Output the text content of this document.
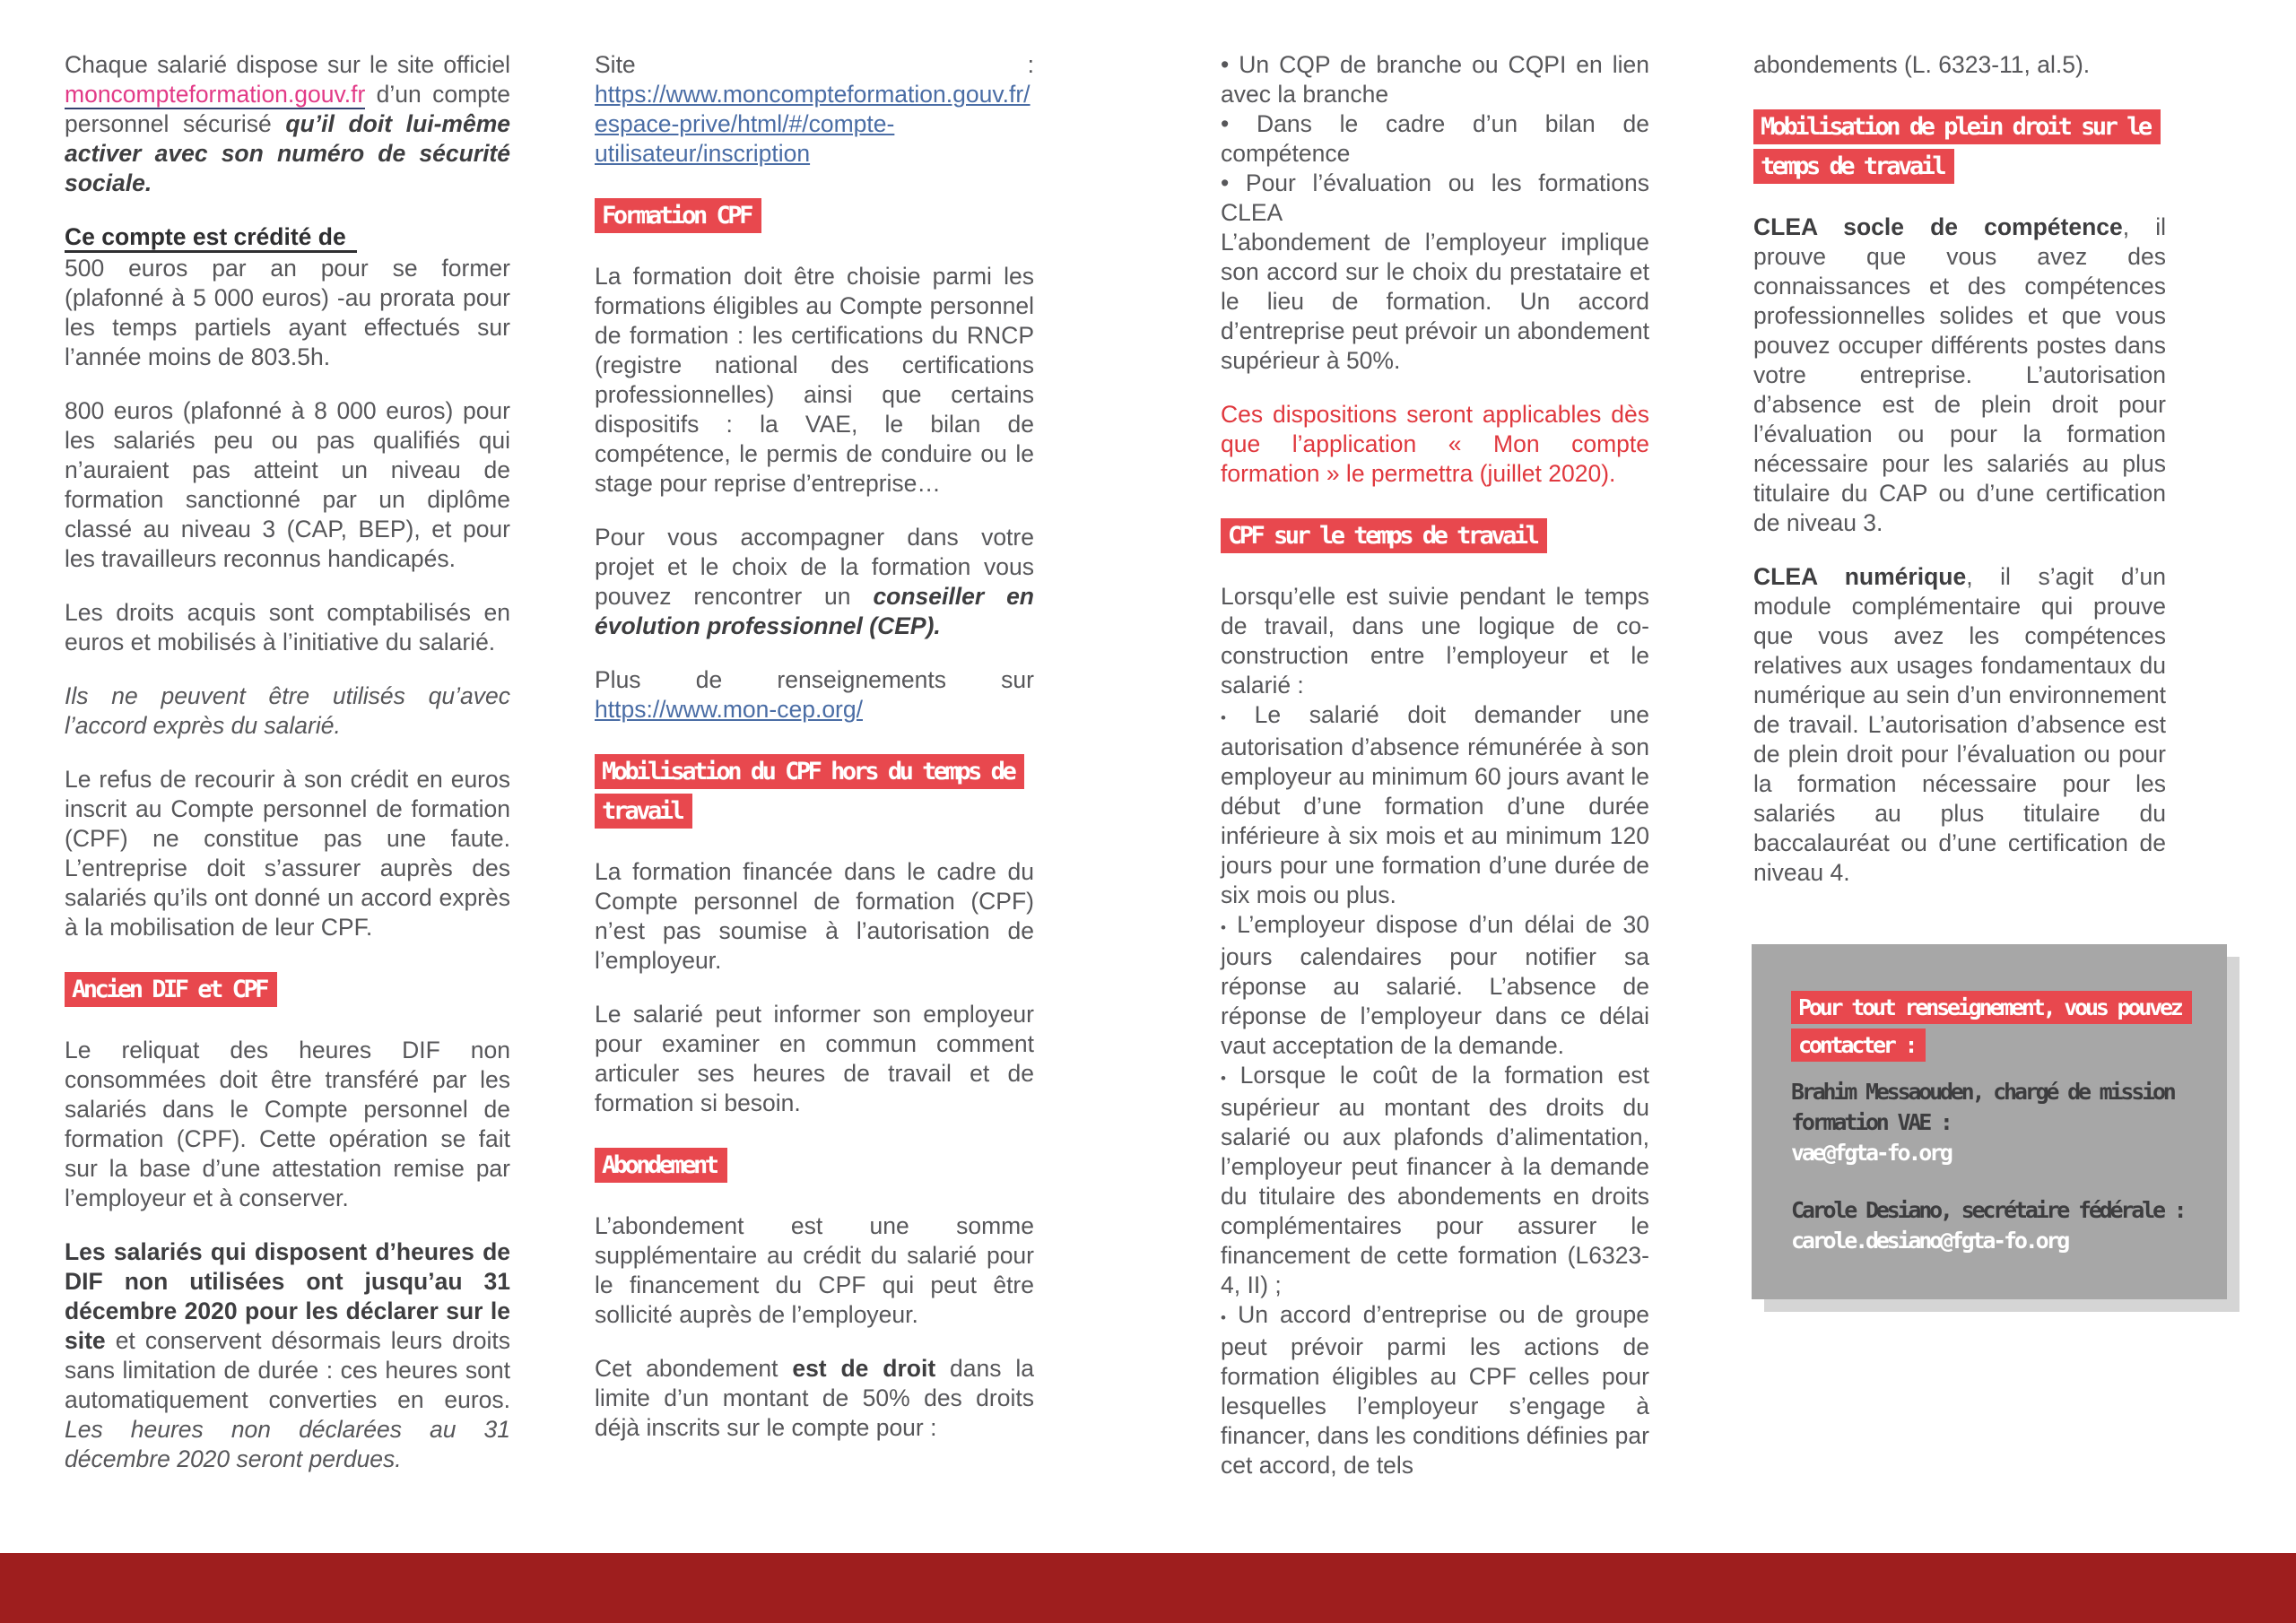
Chaque salarié dispose sur le site officiel moncompteformation.gouv.fr d’un compte personnel sécurisé qu’il doit lui-même activer avec son numéro de sécurité sociale.

Ce compte est crédité de

500 euros par an pour se former (plafonné à 5 000 euros) -au prorata pour les temps partiels ayant effectués sur l’année moins de 803.5h.

800 euros (plafonné à 8 000 euros) pour les salariés peu ou pas qualifiés qui n’auraient pas atteint un niveau de formation sanctionné par un diplôme classé au niveau 3 (CAP, BEP), et pour les travailleurs reconnus handicapés.

Les droits acquis sont comptabilisés en euros et mobilisés à l’initiative du salarié.

Ils ne peuvent être utilisés qu’avec l’accord exprès du salarié.

Le refus de recourir à son crédit en euros inscrit au Compte personnel de formation (CPF) ne constitue pas une faute. L’entreprise doit s’assurer auprès des salariés qu’ils ont donné un accord exprès à la mobilisation de leur CPF.

Ancien DIF et CPF

Le reliquat des heures DIF non consommées doit être transféré par les salariés dans le Compte personnel de formation (CPF). Cette opération se fait sur la base d’une attestation remise par l’employeur et à conserver.

Les salariés qui disposent d’heures de DIF non utilisées ont jusqu’au 31 décembre 2020 pour les déclarer sur le site et conservent désormais leurs droits sans limitation de durée : ces heures sont automatiquement converties en euros. Les heures non déclarées au 31 décembre 2020 seront perdues.

Site : https://www.moncompteformation.gouv.fr/espace-prive/html/#/compte-utilisateur/inscription

Formation CPF

La formation doit être choisie parmi les formations éligibles au Compte personnel de formation : les certifications du RNCP (registre national des certifications professionnelles) ainsi que certains dispositifs : la VAE, le bilan de compétence, le permis de conduire ou le stage pour reprise d’entreprise…

Pour vous accompagner dans votre projet et le choix de la formation vous pouvez rencontrer un conseiller en évolution professionnel (CEP).

Plus de renseignements sur https://www.mon-cep.org/

Mobilisation du CPF hors du temps de travail

La formation financée dans le cadre du Compte personnel de formation (CPF) n’est pas soumise à l’autorisation de l’employeur.

Le salarié peut informer son employeur pour examiner en commun comment articuler ses heures de travail et de formation si besoin.

Abondement

L’abondement est une somme supplémentaire au crédit du salarié pour le financement du CPF qui peut être sollicité auprès de l’employeur.

Cet abondement est de droit dans la limite d’un montant de 50% des droits déjà inscrits sur le compte pour :

• Un CQP de branche ou CQPI en lien avec la branche

• Dans le cadre d’un bilan de compétence

• Pour l’évaluation ou les formations CLEA

L’abondement de l’employeur implique son accord sur le choix du prestataire et le lieu de formation. Un accord d’entreprise peut prévoir un abondement supérieur à 50%.

Ces dispositions seront applicables dès que l’application « Mon compte formation » le permettra (juillet 2020).

CPF sur le temps de travail

Lorsqu’elle est suivie pendant le temps de travail, dans une logique de co-construction entre l’employeur et le salarié :

• Le salarié doit demander une autorisation d’absence rémunérée à son employeur au minimum 60 jours avant le début d’une formation d’une durée inférieure à six mois et au minimum 120 jours pour une formation d’une durée de six mois ou plus.

• L’employeur dispose d’un délai de 30 jours calendaires pour notifier sa réponse au salarié. L’absence de réponse de l’employeur dans ce délai vaut acceptation de la demande.

• Lorsque le coût de la formation est supérieur au montant des droits du salarié ou aux plafonds d’alimentation, l’employeur peut financer à la demande du titulaire des abondements en droits complémentaires pour assurer le financement de cette formation (L6323-4, II) ;

• Un accord d’entreprise ou de groupe peut prévoir parmi les actions de formation éligibles au CPF celles pour lesquelles l’employeur s’engage à financer, dans les conditions définies par cet accord, de tels

abondements (L. 6323-11, al.5).

Mobilisation de plein droit sur le temps de travail

CLEA socle de compétence, il prouve que vous avez des connaissances et des compétences professionnelles solides et que vous pouvez occuper différents postes dans votre entreprise. L’autorisation d’absence est de plein droit pour l’évaluation ou pour la formation nécessaire pour les salariés au plus titulaire du CAP ou d’une certification de niveau 3.

CLEA numérique, il s’agit d’un module complémentaire qui prouve que vous avez les compétences relatives aux usages fondamentaux du numérique au sein d’un environnement de travail. L’autorisation d’absence est de plein droit pour l’évaluation ou pour la formation nécessaire pour les salariés au plus titulaire du baccalauréat ou d’une certification de niveau 4.

Pour tout renseignement, vous pouvez contacter :
Brahim Messaouden, chargé de mission formation VAE :
vae@fgta-fo.org
Carole Desiano, secrétaire fédérale :
carole.desiano@fgta-fo.org
